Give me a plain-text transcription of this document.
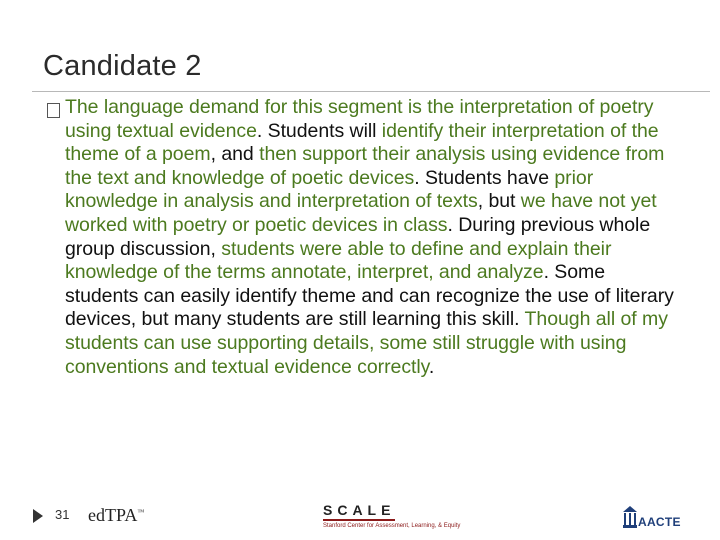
Candidate 2
The language demand for this segment is the interpretation of poetry using textual evidence. Students will identify their interpretation of the theme of a poem, and then support their analysis using evidence from the text and knowledge of poetic devices. Students have prior knowledge in analysis and interpretation of texts, but we have not yet worked with poetry or poetic devices in class. During previous whole group discussion, students were able to define and explain their knowledge of the terms annotate, interpret, and analyze. Some students can easily identify theme and can recognize the use of literary devices, but many students are still learning this skill. Though all of my students can use supporting details, some still struggle with using conventions and textual evidence correctly.
31 edTPA™	SCALE
Stanford Center for Assessment, Learning, & Equity	AACTE
